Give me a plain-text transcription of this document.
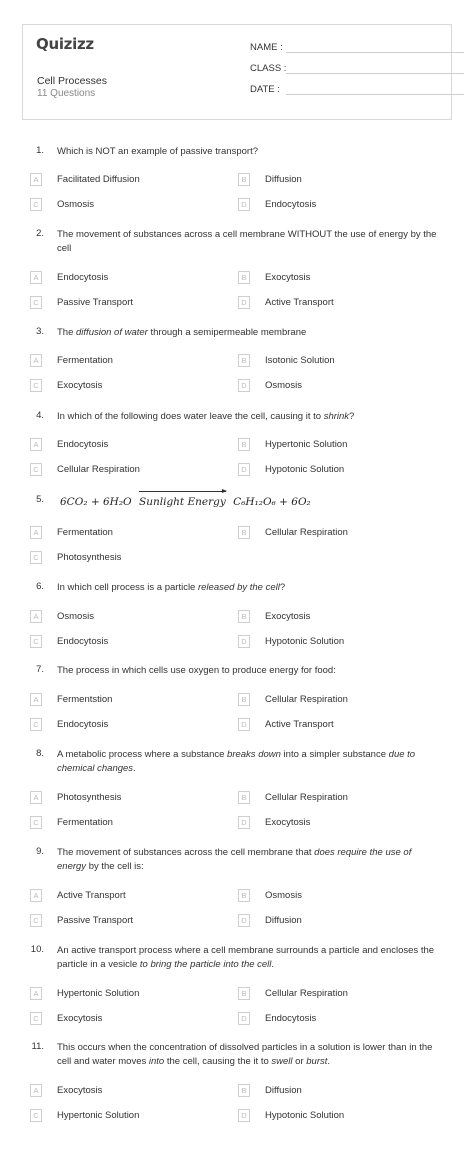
Quizizz
Cell Processes
11 Questions
NAME :
CLASS :
DATE :
1. Which is NOT an example of passive transport?
A	Facilitated Diffusion	B	Diffusion
C	Osmosis	D	Endocytosis
2. The movement of substances across a cell membrane WITHOUT the use of energy by the cell
A	Endocytosis	B	Exocytosis
C	Passive Transport	D	Active Transport
3. The diffusion of water through a semipermeable membrane
A	Fermentation	B	Isotonic Solution
C	Exocytosis	D	Osmosis
4. In which of the following does water leave the cell, causing it to shrink?
A	Endocytosis	B	Hypertonic Solution
C	Cellular Respiration	D	Hypotonic Solution
5. 6CO₂ + 6H₂O Sunlight Energy C₆H₁₂O₆ + 6O₂
A	Fermentation	B	Cellular Respiration
C	Photosynthesis
6. In which cell process is a particle released by the cell?
A	Osmosis	B	Exocytosis
C	Endocytosis	D	Hypotonic Solution
7. The process in which cells use oxygen to produce energy for food:
A	Fermentstion	B	Cellular Respiration
C	Endocytosis	D	Active Transport
8. A metabolic process where a substance breaks down into a simpler substance due to chemical changes.
A	Photosynthesis	B	Cellular Respiration
C	Fermentation	D	Exocytosis
9. The movement of substances across the cell membrane that does require the use of energy by the cell is:
A	Active Transport	B	Osmosis
C	Passive Transport	D	Diffusion
10. An active transport process where a cell membrane surrounds a particle and encloses the particle in a vesicle to bring the particle into the cell.
A	Hypertonic Solution	B	Cellular Respiration
C	Exocytosis	D	Endocytosis
11. This occurs when the concentration of dissolved particles in a solution is lower than in the cell and water moves into the cell, causing the it to swell or burst.
A	Exocytosis	B	Diffusion
C	Hypertonic Solution	D	Hypotonic Solution
